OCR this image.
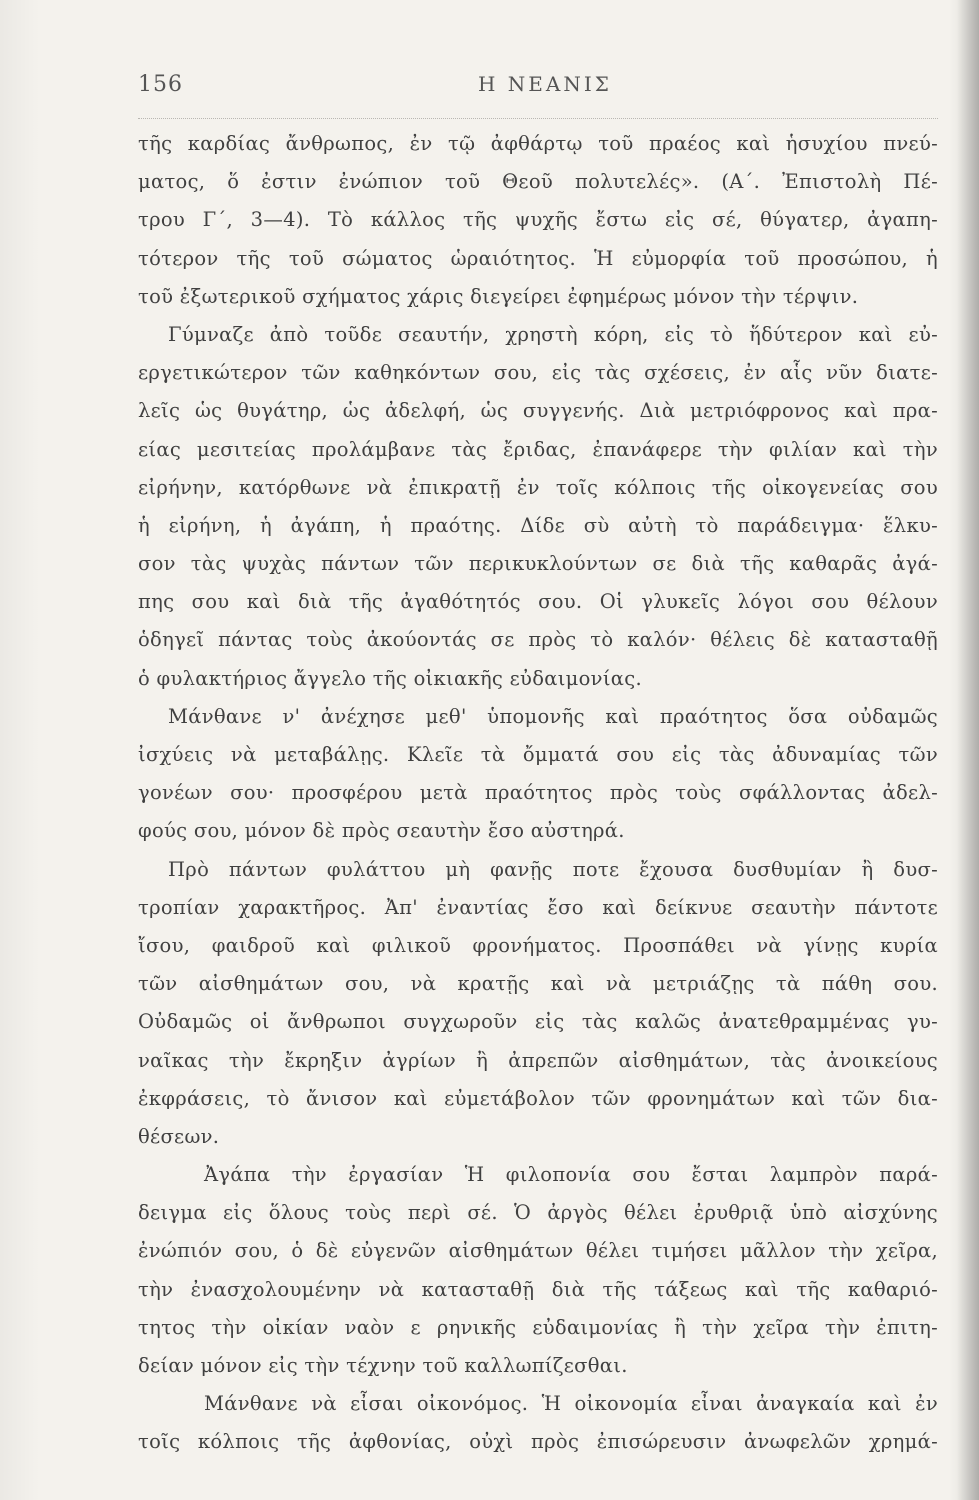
156	Η ΝΕΑΝΙΣ
τῆς καρδίας ἄνθρωπος, ἐν τῷ ἀφθάρτῳ τοῦ πραέος καὶ ἡσυχίου πνεύ-
ματος, ὅ ἐστιν ἐνώπιον τοῦ Θεοῦ πολυτελές». (Α΄. Ἐπιστολὴ Πέ-
τρου Γ΄, 3—4). Τὸ κάλλος τῆς ψυχῆς ἔστω εἰς σέ, θύγατερ, ἀγαπη-
τότερον τῆς τοῦ σώματος ὡραιότητος. Ἡ εὐμορφία τοῦ προσώπου, ἡ
τοῦ ἐξωτερικοῦ σχήματος χάρις διεγείρει ἐφημέρως μόνον τὴν τέρψιν.
Γύμναζε ἀπὸ τοῦδε σεαυτήν, χρηστὴ κόρη, εἰς τὸ ἥδύτερον καὶ εὐ-
εργετικώτερον τῶν καθηκόντων σου, εἰς τὰς σχέσεις, ἐν αἷς νῦν διατε-
λεῖς ὡς θυγάτηρ, ὡς ἀδελφή, ὡς συγγενής. Διὰ μετριόφρονος καὶ πρα-
είας μεσιτείας προλάμβανε τὰς ἔριδας, ἐπανάφερε τὴν φιλίαν καὶ τὴν
εἰρήνην, κατόρθωνε νὰ ἐπικρατῇ ἐν τοῖς κόλποις τῆς οἰκογενείας σου
ἡ εἰρήνη, ἡ ἀγάπη, ἡ πραότης. Δίδε σὺ αὐτὴ τὸ παράδειγμα· ἕλκυ-
σον τὰς ψυχὰς πάντων τῶν περικυκλούντων σε διὰ τῆς καθαρᾶς ἀγά-
πης σου καὶ διὰ τῆς ἀγαθότητός σου. Οἱ γλυκεῖς λόγοι σου θέλουν
ὁδηγεῖ πάντας τοὺς ἀκούοντάς σε πρὸς τὸ καλόν· θέλεις δὲ κατασταθῇ
ὁ φυλακτήριος ἄγγελο τῆς οἰκιακῆς εὐδαιμονίας.
Μάνθανε ν' ἀνέχησε μεθ' ὑπομονῆς καὶ πραότητος ὅσα οὐδαμῶς
ἰσχύεις νὰ μεταβάλῃς. Κλεῖε τὰ ὄμματά σου εἰς τὰς ἀδυναμίας τῶν
γονέων σου· προσφέρου μετὰ πραότητος πρὸς τοὺς σφάλλοντας ἀδελ-
φούς σου, μόνον δὲ πρὸς σεαυτὴν ἔσο αὐστηρά.
Πρὸ πάντων φυλάττου μὴ φανῇς ποτε ἔχουσα δυσθυμίαν ἢ δυσ-
τροπίαν χαρακτῆρος. Ἀπ' ἐναντίας ἔσο καὶ δείκνυε σεαυτὴν πάντοτε
ἴσου, φαιδροῦ καὶ φιλικοῦ φρονήματος. Προσπάθει νὰ γίνῃς κυρία
τῶν αἰσθημάτων σου, νὰ κρατῇς καὶ νὰ μετριάζῃς τὰ πάθη σου.
Οὐδαμῶς οἱ ἄνθρωποι συγχωροῦν εἰς τὰς καλῶς ἀνατεθραμμένας γυ-
ναῖκας τὴν ἔκρηξιν ἀγρίων ἢ ἀπρεπῶν αἰσθημάτων, τὰς ἀνοικείους
ἐκφράσεις, τὸ ἄνισον καὶ εὐμετάβολον τῶν φρονημάτων καὶ τῶν δια-
θέσεων.
Ἀγάπα τὴν ἐργασίαν Ἡ φιλοπονία σου ἔσται λαμπρὸν παρά-
δειγμα εἰς ὅλους τοὺς περὶ σέ. Ὁ ἀργὸς θέλει ἐρυθριᾷ ὑπὸ αἰσχύνης
ἐνώπιόν σου, ὁ δὲ εὐγενῶν αἰσθημάτων θέλει τιμήσει μᾶλλον τὴν χεῖρα,
τὴν ἐνασχολουμένην νὰ κατασταθῇ διὰ τῆς τάξεως καὶ τῆς καθαριό-
τητος τὴν οἰκίαν ναὸν ε ρηνικῆς εὐδαιμονίας ἢ τὴν χεῖρα τὴν ἐπιτη-
δείαν μόνον εἰς τὴν τέχνην τοῦ καλλωπίζεσθαι.
Μάνθανε νὰ εἶσαι οἰκονόμος. Ἡ οἰκονομία εἶναι ἀναγκαία καὶ ἐν
τοῖς κόλποις τῆς ἀφθονίας, οὐχὶ πρὸς ἐπισώρευσιν ἀνωφελῶν χρημά-
